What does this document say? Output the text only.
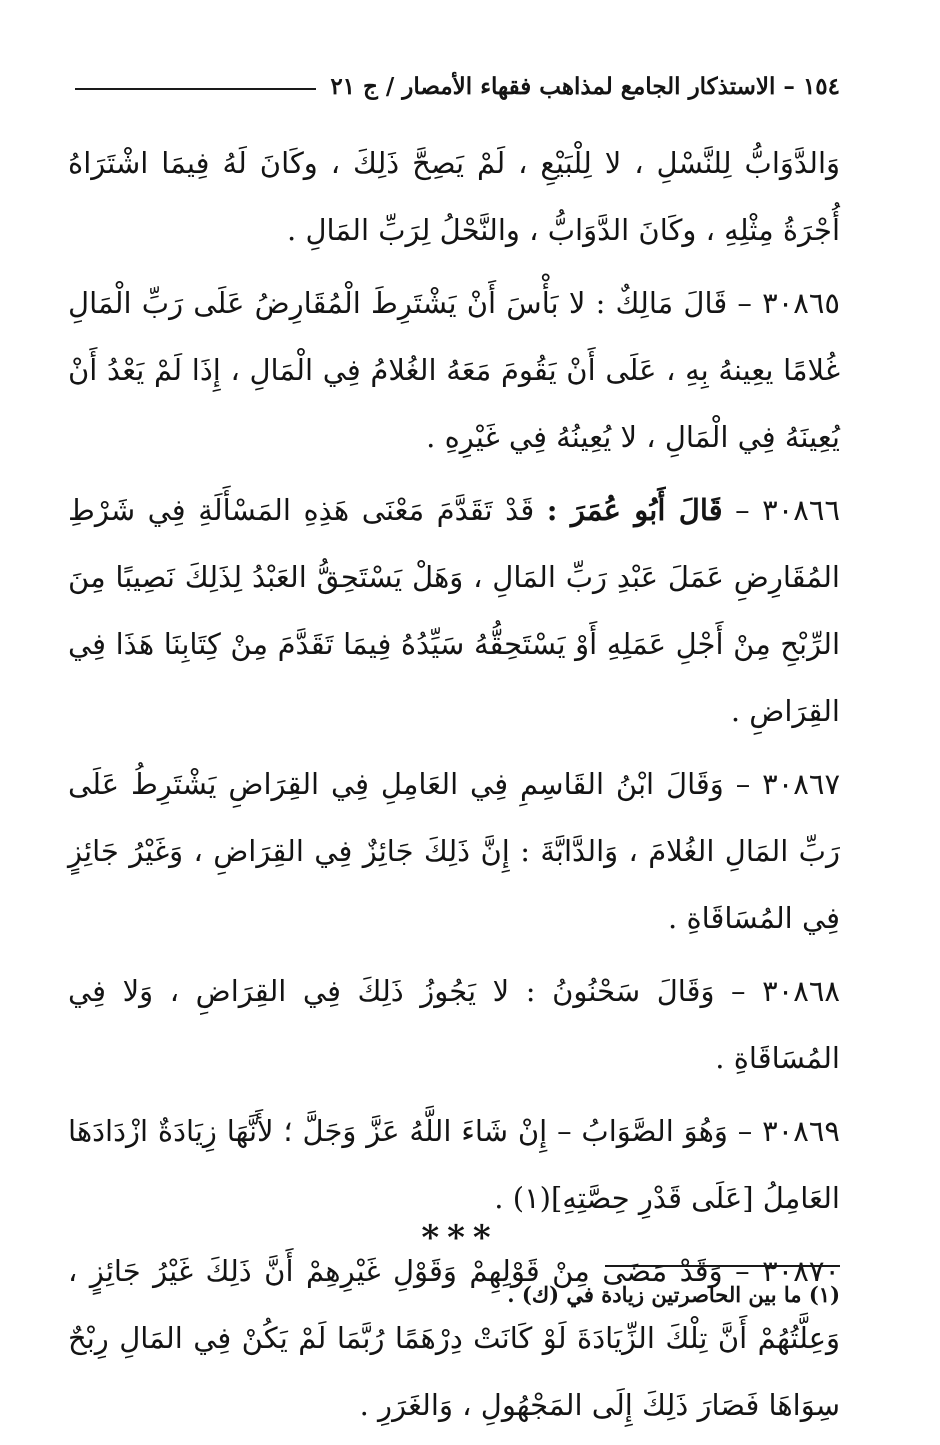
١٥٤ – الاستذكار الجامع لمذاهب فقهاء الأمصار / ج ٢١

وَالدَّوَابُّ لِلنَّسْلِ ، لا لِلْبَيْعِ ، لَمْ يَصِحَّ ذَلِكَ ، وكَانَ لَهُ فِيمَا اشْتَرَاهُ أُجْرَةُ مِثْلِهِ ، وكَانَ الدَّوَابُّ ، والنَّحْلُ لِرَبِّ المَالِ .

٣٠٨٦٥ – قَالَ مَالِكٌ : لا بَأْسَ أَنْ يَشْتَرِطَ الْمُقَارِضُ عَلَى رَبِّ الْمَالِ غُلامًا يعِينهُ بِهِ ، عَلَى أَنْ يَقُومَ مَعَهُ الغُلامُ فِي الْمَالِ ، إِذَا لَمْ يَعْدُ أَنْ يُعِينَهُ فِي الْمَالِ ، لا يُعِينُهُ فِي غَيْرِهِ .

٣٠٨٦٦ – قَالَ أَبُو عُمَرَ : قَدْ تَقَدَّمَ مَعْنَى هَذِهِ المَسْأَلَةِ فِي شَرْطِ المُقَارِضِ عَمَلَ عَبْدِ رَبِّ المَالِ ، وَهَلْ يَسْتَحِقُّ العَبْدُ لِذَلِكَ نَصِيبًا مِنَ الرِّبْحِ مِنْ أَجْلِ عَمَلِهِ أَوْ يَسْتَحِقُّهُ سَيِّدُهُ فِيمَا تَقَدَّمَ مِنْ كِتَابِنَا هَذَا فِي القِرَاضِ .

٣٠٨٦٧ – وَقَالَ ابْنُ القَاسِمِ فِي العَامِلِ فِي القِرَاضِ يَشْتَرِطُ عَلَى رَبِّ المَالِ الغُلامَ ، وَالدَّابَّةَ : إِنَّ ذَلِكَ جَائِزٌ فِي القِرَاضِ ، وَغَيْرُ جَائِزٍ فِي المُسَاقَاةِ .

٣٠٨٦٨ – وَقَالَ سَحْنُونُ : لا يَجُوزُ ذَلِكَ فِي القِرَاضِ ، وَلا فِي المُسَاقَاةِ .

٣٠٨٦٩ – وَهُوَ الصَّوَابُ – إِنْ شَاءَ اللَّهُ عَزَّ وَجَلَّ ؛ لأَنَّهَا زِيَادَةٌ ازْدَادَهَا العَامِلُ [عَلَى قَدْرِ حِصَّتِهِ](١) .

٣٠٨٧٠ – وَقَدْ مَضَى مِنْ قَوْلِهِمْ وَقَوْلِ غَيْرِهِمْ أَنَّ ذَلِكَ غَيْرُ جَائِزٍ ، وَعِلَّتُهُمْ أَنَّ تِلْكَ الزِّيَادَةَ لَوْ كَانَتْ دِرْهَمًا رُبَّمَا لَمْ يَكُنْ فِي المَالِ رِبْحٌ سِوَاهَا فَصَارَ ذَلِكَ إِلَى المَجْهُولِ ، وَالغَرَرِ .

***
(١) ما بين الحاصرتين زيادة في (ك) .
